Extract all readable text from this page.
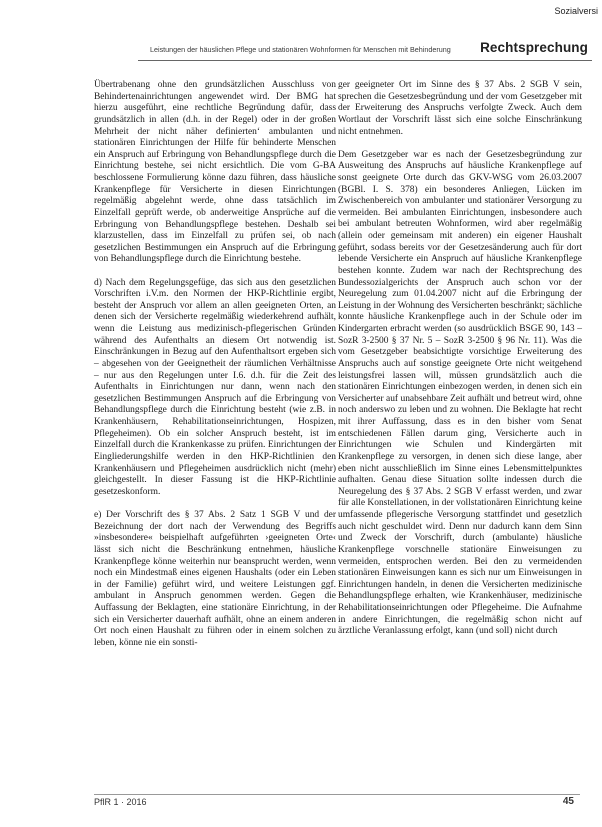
Sozialversi
Leistungen der häuslichen Pflege und stationären Wohnformen für Menschen mit Behinderung Rechtsprechung

Übertrabenang ohne den grundsätzlichen Ausschluss von Behindertenainrichtungen angewendet wird. Der BMG hat hierzu ausgeführt, eine rechtliche Begründung dafür, dass grundsätzlich in allen (d.h. in der Regel) oder in der großen Mehrheit der nicht näher definierten‘ ambulanten und stationären Einrichtungen der Hilfe für behinderte Menschen ein Anspruch auf Erbringung von Behandlungspflege durch die Einrichtung bestehe, sei nicht ersichtlich. Die vom G-BA beschlossene Formulierung könne dazu führen, dass häusliche Krankenpflege für Versicherte in diesen Einrichtungen regelmäßig abgelehnt werde, ohne dass tatsächlich im Einzelfall geprüft werde, ob anderweitige Ansprüche auf die Erbringung von Behandlungspflege bestehen. Deshalb sei klarzustellen, dass im Einzelfall zu prüfen sei, ob nach gesetzlichen Bestimmungen ein Anspruch auf die Erbringung von Behandlungspflege durch die Einrichtung bestehe.

d) Nach dem Regelungsgefüge, das sich aus den gesetzlichen Vorschriften i.V.m. den Normen der HKP-Richtlinie ergibt, besteht der Anspruch vor allem an allen geeigneten Orten, an denen sich der Versicherte regelmäßig wiederkehrend aufhält, wenn die Leistung aus medizinisch-pflegerischen Gründen während des Aufenthalts an diesem Ort notwendig ist. Einschränkungen in Bezug auf den Aufenthaltsort ergeben sich – abgesehen von der Geeignetheit der räumlichen Verhältnisse – nur aus den Regelungen unter I.6. d.h. für die Zeit des Aufenthalts in Einrichtungen nur dann, wenn nach den gesetzlichen Bestimmungen Anspruch auf die Erbringung von Behandlungspflege durch die Einrichtung besteht (wie z.B. in Krankenhäusern, Rehabilitationseinrichtungen, Hospizen, Pflegeheimen). Ob ein solcher Anspruch besteht, ist im Einzelfall durch die Krankenkasse zu prüfen. Einrichtungen der Eingliederungshilfe werden in den HKP-Richtlinien den Krankenhäusern und Pflegeheimen ausdrücklich nicht (mehr) gleichgestellt. In dieser Fassung ist die HKP-Richtlinie gesetzeskonform.

e) Der Vorschrift des § 37 Abs. 2 Satz 1 SGB V und der Bezeichnung der dort nach der Verwendung des Begriffs »insbesondere« beispielhaft aufgeführten ›geeigneten Orte‹ lässt sich nicht die Beschränkung entnehmen, häusliche Krankenpflege könne weiterhin nur beansprucht werden, wenn noch ein Mindestmaß eines eigenen Haushalts (oder ein Leben in der Familie) geführt wird, und weitere Leistungen ggf. ambulant in Anspruch genommen werden. Gegen die Auffassung der Beklagten, eine stationäre Einrichtung, in der sich ein Versicherter dauerhaft aufhält, ohne an einem anderen Ort noch einen Haushalt zu führen oder in einem solchen zu leben, könne nie ein sonsti-

ger geeigneter Ort im Sinne des § 37 Abs. 2 SGB V sein, sprechen die Gesetzesbegründung und der vom Gesetzgeber mit der Erweiterung des Anspruchs verfolgte Zweck. Auch dem Wortlaut der Vorschrift lässt sich eine solche Einschränkung nicht entnehmen.

Dem Gesetzgeber war es nach der Gesetzesbegründung zur Ausweitung des Anspruchs auf häusliche Krankenpflege auf sonst geeignete Orte durch das GKV-WSG vom 26.03.2007 (BGBl. I. S. 378) ein besonderes Anliegen, Lücken im Zwischenbereich von ambulanter und stationärer Versorgung zu vermeiden. Bei ambulanten Einrichtungen, insbesondere auch bei ambulant betreuten Wohnformen, wird aber regelmäßig (allein oder gemeinsam mit anderen) ein eigener Haushalt geführt, sodass bereits vor der Gesetzesänderung auch für dort lebende Versicherte ein Anspruch auf häusliche Krankenpflege bestehen konnte. Zudem war nach der Rechtsprechung des Bundessozialgerichts der Anspruch auch schon vor der Neuregelung zum 01.04.2007 nicht auf die Erbringung der Leistung in der Wohnung des Versicherten beschränkt; sächliche konnte häusliche Krankenpflege auch in der Schule oder im Kindergarten erbracht werden (so ausdrücklich BSGE 90, 143 – SozR 3-2500 § 37 Nr. 5 – SozR 3-2500 § 96 Nr. 11). Was die vom Gesetzgeber beabsichtigte vorsichtige Erweiterung des Anspruchs auch auf sonstige geeignete Orte nicht weitgehend leistungsfrei lassen will, müssen grundsätzlich auch die stationären Einrichtungen einbezogen werden, in denen sich ein Versicherter auf unabsehbare Zeit aufhält und betreut wird, ohne noch anderswo zu leben und zu wohnen. Die Beklagte hat recht mit ihrer Auffassung, dass es in den bisher vom Senat entschiedenen Fällen darum ging, Versicherte auch in Einrichtungen wie Schulen und Kindergärten mit Krankenpflege zu versorgen, in denen sich diese lange, aber eben nicht ausschließlich im Sinne eines Lebensmittelpunktes aufhalten. Genau diese Situation sollte indessen durch die Neuregelung des § 37 Abs. 2 SGB V erfasst werden, und zwar für alle Konstellationen, in der vollstationären Einrichtung keine umfassende pflegerische Versorgung stattfindet und gesetzlich auch nicht geschuldet wird. Denn nur dadurch kann dem Sinn und Zweck der Vorschrift, durch (ambulante) häusliche Krankenpflege vorschnelle stationäre Einweisungen zu vermeiden, entsprochen werden. Bei den zu vermeidenden stationären Einweisungen kann es sich nur um Einweisungen in Einrichtungen handeln, in denen die Versicherten medizinische Behandlungspflege erhalten, wie Krankenhäuser, medizinische Rehabilitationseinrichtungen oder Pflegeheime. Die Aufnahme in andere Einrichtungen, die regelmäßig schon nicht auf ärztliche Veranlassung erfolgt, kann (und soll) nicht durch

PflR 1 · 2016	45
